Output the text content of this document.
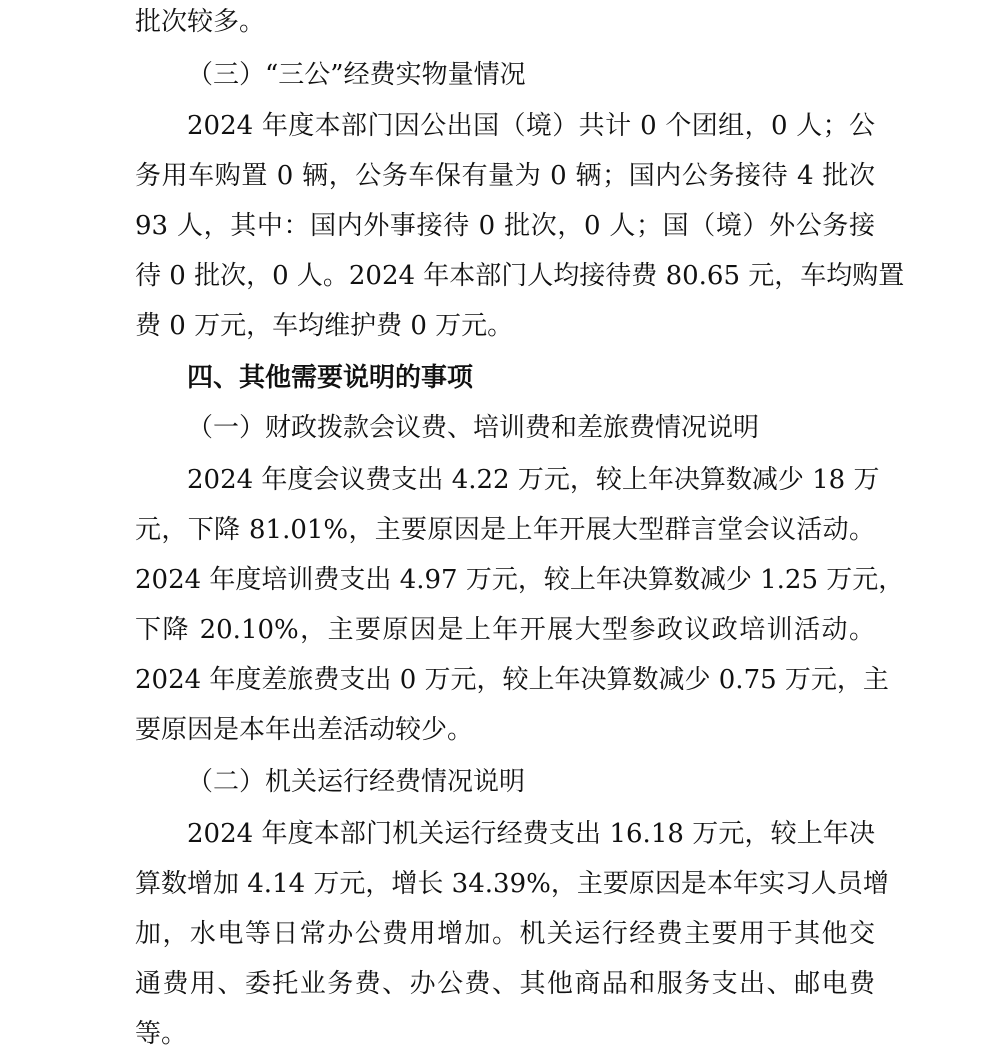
批次较多。
（三）“三公”经费实物量情况
2024 年度本部门因公出国（境）共计 0 个团组，0 人；公
务用车购置 0 辆，公务车保有量为 0 辆；国内公务接待 4 批次
93 人，其中：国内外事接待 0 批次，0 人；国（境）外公务接
待 0 批次，0 人。2024 年本部门人均接待费 80.65 元，车均购置
费 0 万元，车均维护费 0 万元。
四、其他需要说明的事项
（一）财政拨款会议费、培训费和差旅费情况说明
2024 年度会议费支出 4.22 万元，较上年决算数减少 18 万
元，下降 81.01%，主要原因是上年开展大型群言堂会议活动。
2024 年度培训费支出 4.97 万元，较上年决算数减少 1.25 万元，
下降 20.10%，主要原因是上年开展大型参政议政培训活动。
2024 年度差旅费支出 0 万元，较上年决算数减少 0.75 万元，主
要原因是本年出差活动较少。
（二）机关运行经费情况说明
2024 年度本部门机关运行经费支出 16.18 万元，较上年决
算数增加 4.14 万元，增长 34.39%，主要原因是本年实习人员增
加，水电等日常办公费用增加。机关运行经费主要用于其他交
通费用、委托业务费、办公费、其他商品和服务支出、邮电费
等。
